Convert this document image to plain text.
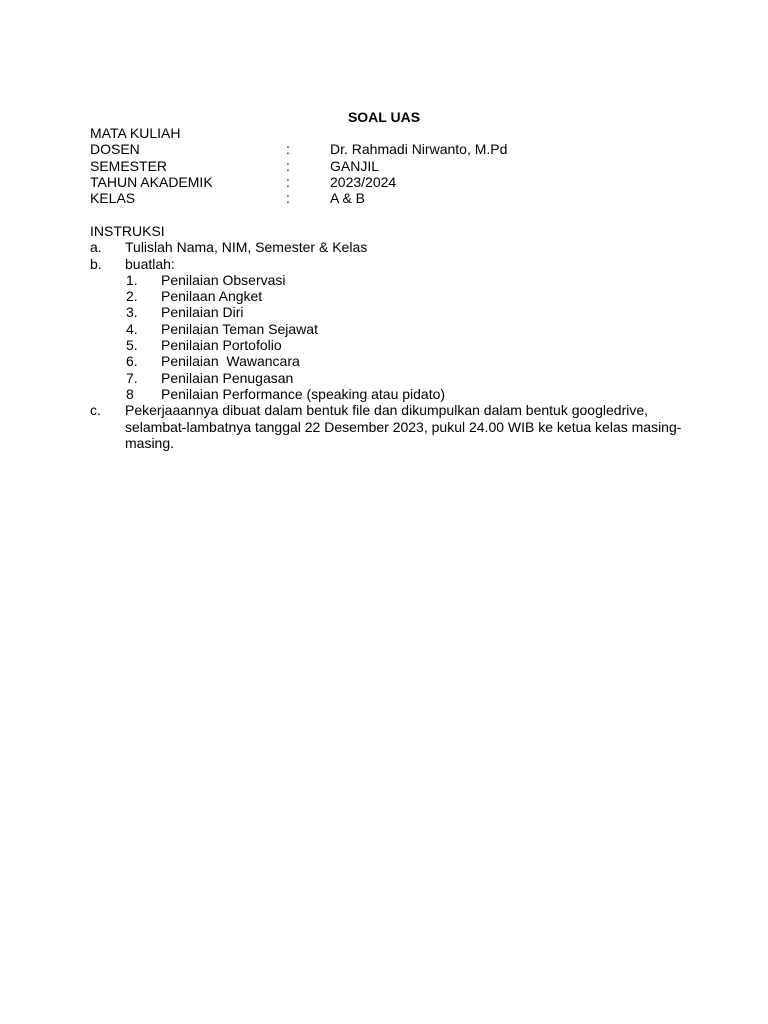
SOAL UAS
MATA KULIAH
DOSEN	:	Dr. Rahmadi Nirwanto, M.Pd
SEMESTER	:	GANJIL
TAHUN AKADEMIK	:	2023/2024
KELAS	:	A & B
INSTRUKSI
a. Tulislah Nama, NIM, Semester & Kelas
b. buatlah:
1. Penilaian Observasi
2. Penilaan Angket
3. Penilaian Diri
4. Penilaian Teman Sejawat
5. Penilaian Portofolio
6. Penilaian  Wawancara
7. Penilaian Penugasan
8 Penilaian Performance (speaking atau pidato)
c. Pekerjaaannya dibuat dalam bentuk file dan dikumpulkan dalam bentuk googledrive,
selambat-lambatnya tanggal 22 Desember 2023, pukul 24.00 WIB ke ketua kelas masing-
masing.
